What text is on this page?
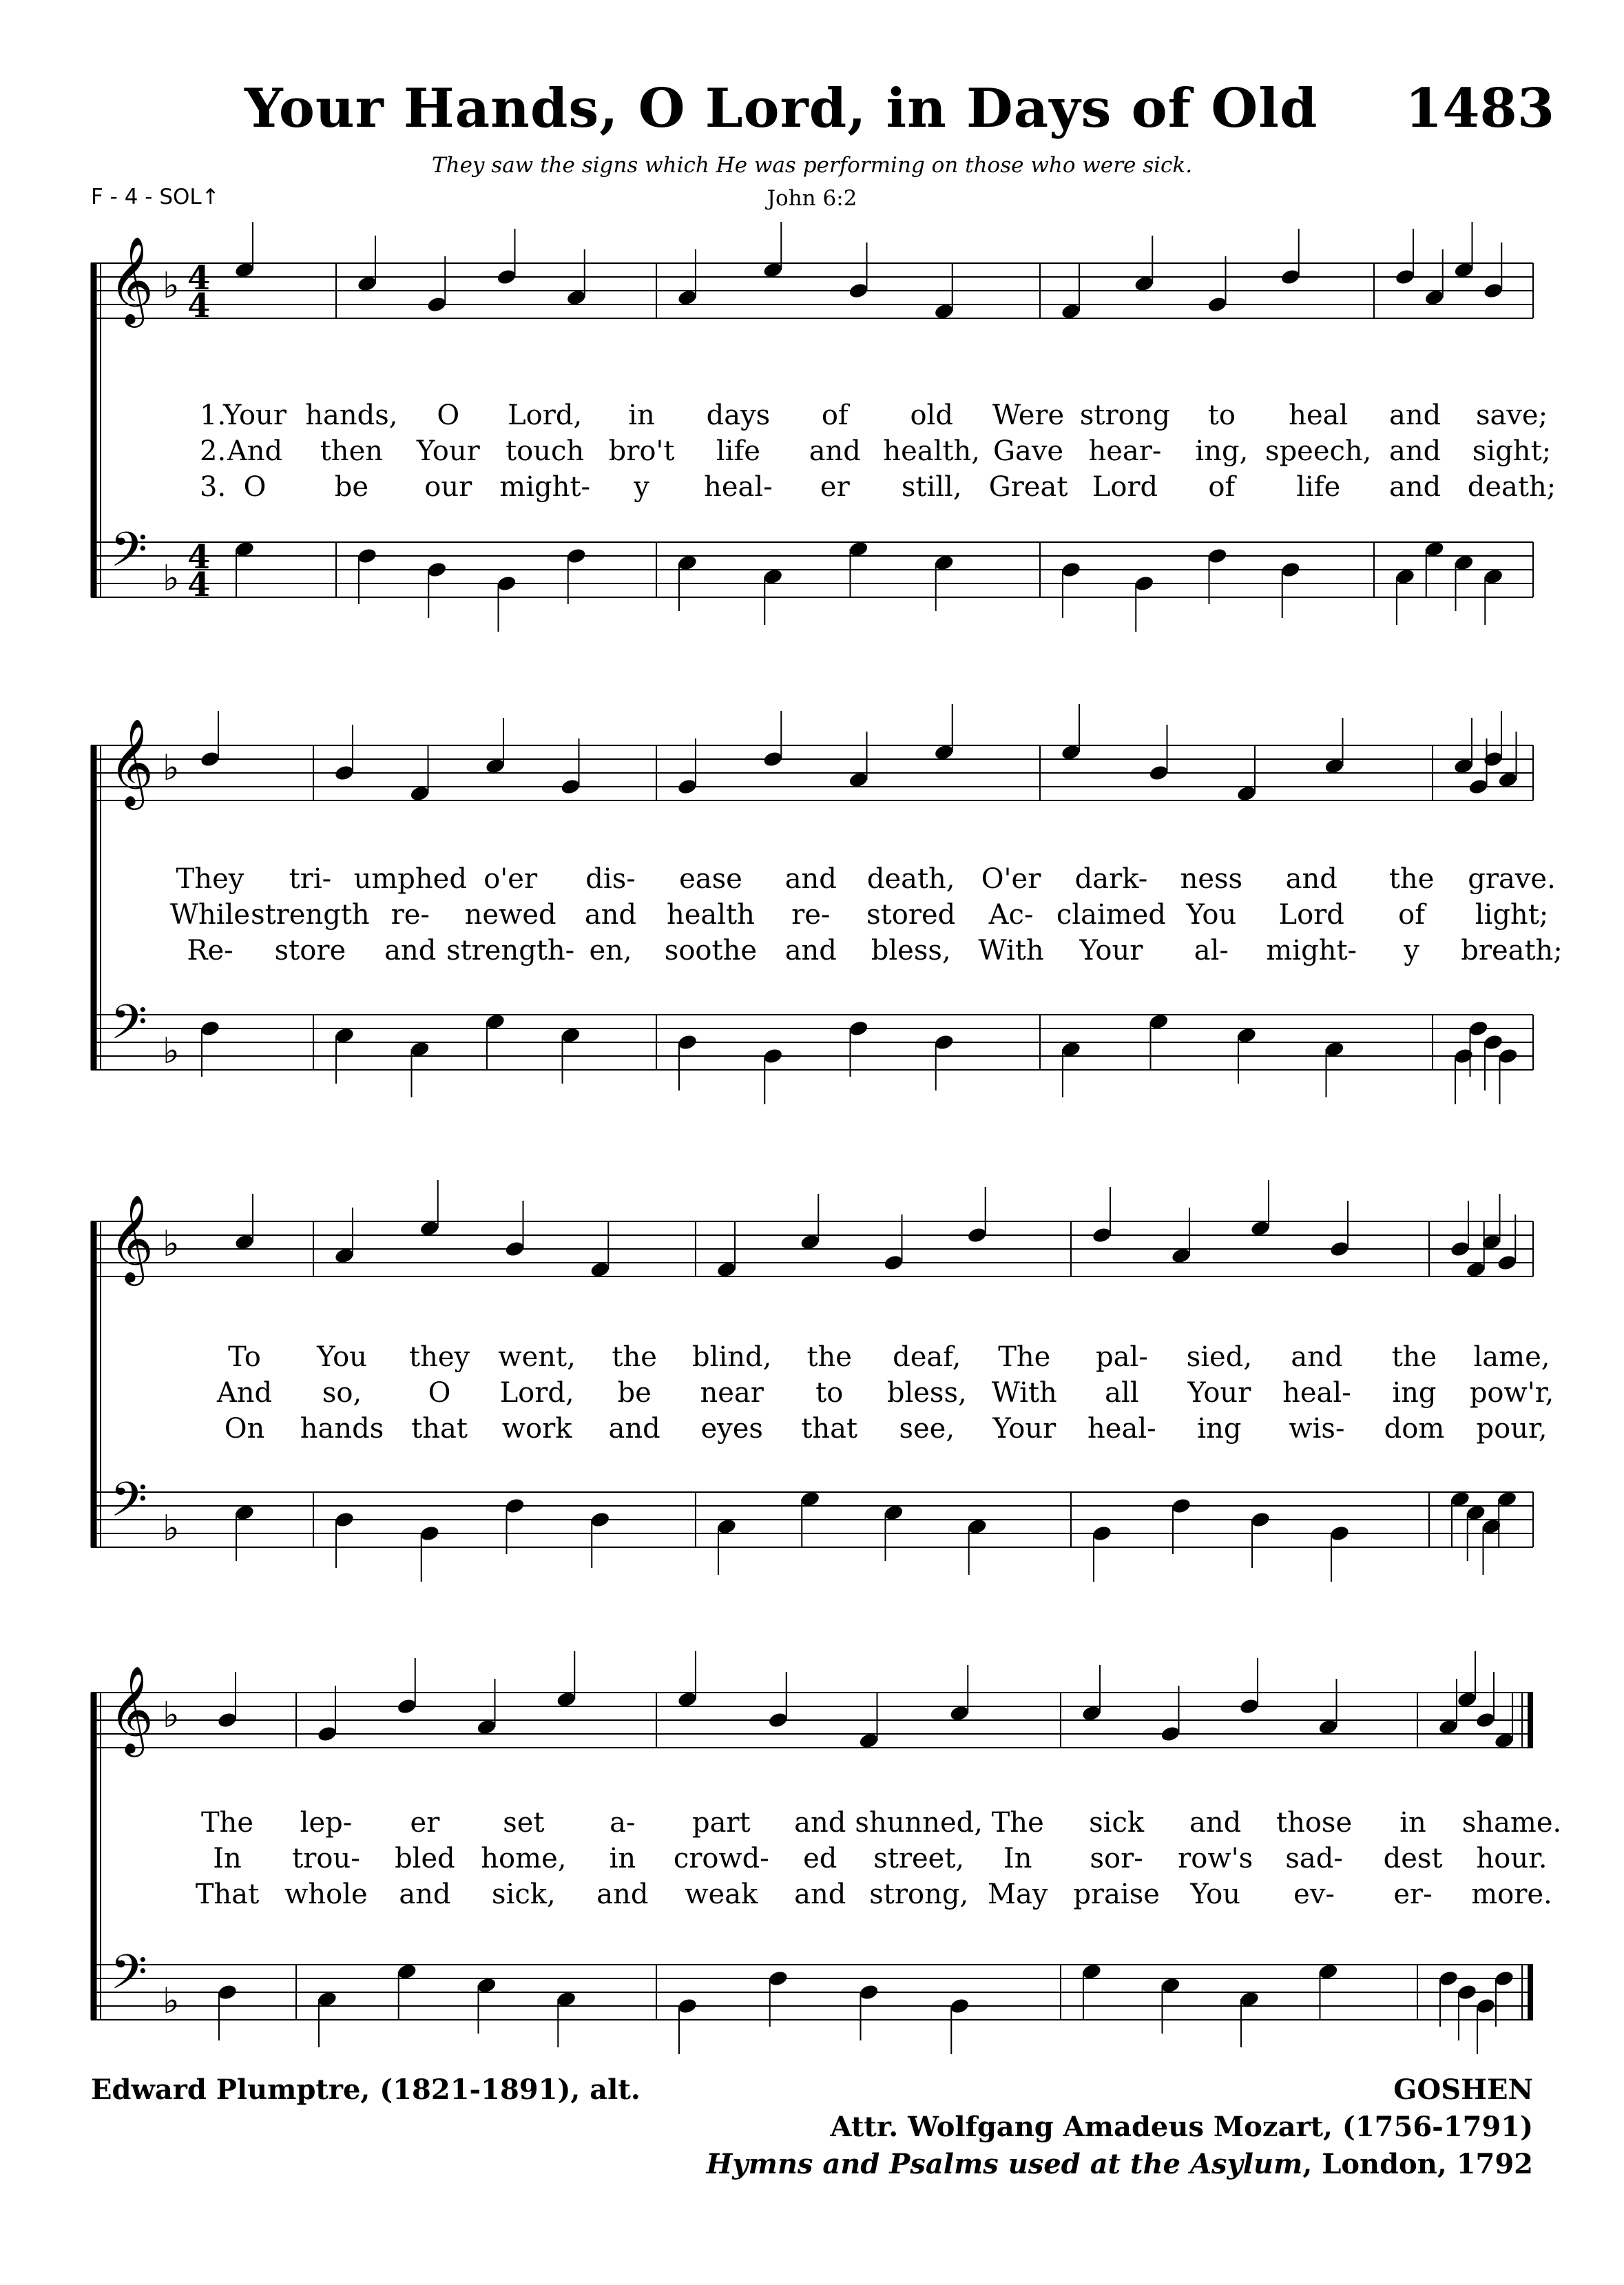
Your Hands, O Lord, in Days of Old 1483
They saw the signs which He was performing on those who were sick.
John 6:2
F - 4 - SOL↑
𝄞
𝄢
♭
♭
4
4
4
4
𝄞
𝄢
♭
♭
𝄞
𝄢
♭
♭
𝄞
𝄢
♭
♭
1.
Your hands, O Lord, in days of old Were strong to heal and save;
2. And then Your touch bro't life and health, Gave hear- ing, speech, and sight;
3. O be our might- y heal- er still, Great Lord of life and death;
They tri- umphed o'er dis- ease and death, O'er dark- ness and the grave.
While strength re- newed and health re- stored Ac- claimed You Lord of light;
Re- store and strength- en, soothe and bless, With Your al- might- y breath;
To You they went, the blind, the deaf, The pal- sied, and the lame,
And so, O Lord, be near to bless, With all Your heal- ing pow'r,
On hands that work and eyes that see, Your heal- ing wis- dom pour,
The lep- er set a- part and shunned, The sick and those in shame.
In trou- bled home, in crowd- ed street, In sor- row's sad- dest hour.
That whole and sick, and weak and strong, May praise You ev- er- more.
Edward Plumptre, (1821-1891), alt.	GOSHEN
Attr. Wolfgang Amadeus Mozart, (1756-1791)
Hymns and Psalms used at the Asylum, London, 1792
